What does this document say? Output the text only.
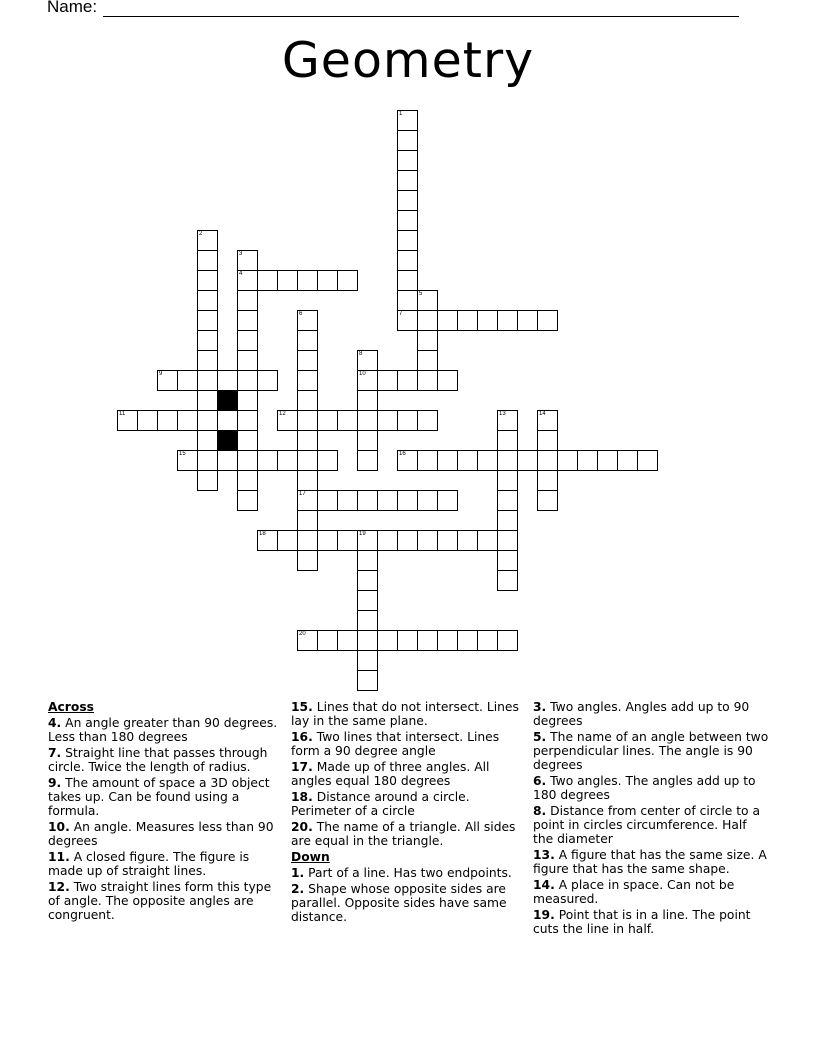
Name:
Geometry
1
7
2
3
4
5
6
17
8
10
9
11	12	13	14
15	16
18	19
20
Across
4. An angle greater than 90 degrees. Less than 180 degrees
7. Straight line that passes through circle. Twice the length of radius.
9. The amount of space a 3D object takes up. Can be found using a formula.
10. An angle. Measures less than 90 degrees
11. A closed figure. The figure is made up of straight lines.
12. Two straight lines form this type of angle. The opposite angles are congruent.
15. Lines that do not intersect. Lines lay in the same plane.
16. Two lines that intersect. Lines form a 90 degree angle
17. Made up of three angles. All angles equal 180 degrees
18. Distance around a circle. Perimeter of a circle
20. The name of a triangle. All sides are equal in the triangle.
Down
1. Part of a line. Has two endpoints.
2. Shape whose opposite sides are parallel. Opposite sides have same distance.
3. Two angles. Angles add up to 90 degrees
5. The name of an angle between two perpendicular lines. The angle is 90 degrees
6. Two angles. The angles add up to 180 degrees
8. Distance from center of circle to a point in circles circumference. Half the diameter
13. A figure that has the same size. A figure that has the same shape.
14. A place in space. Can not be measured.
19. Point that is in a line. The point cuts the line in half.
